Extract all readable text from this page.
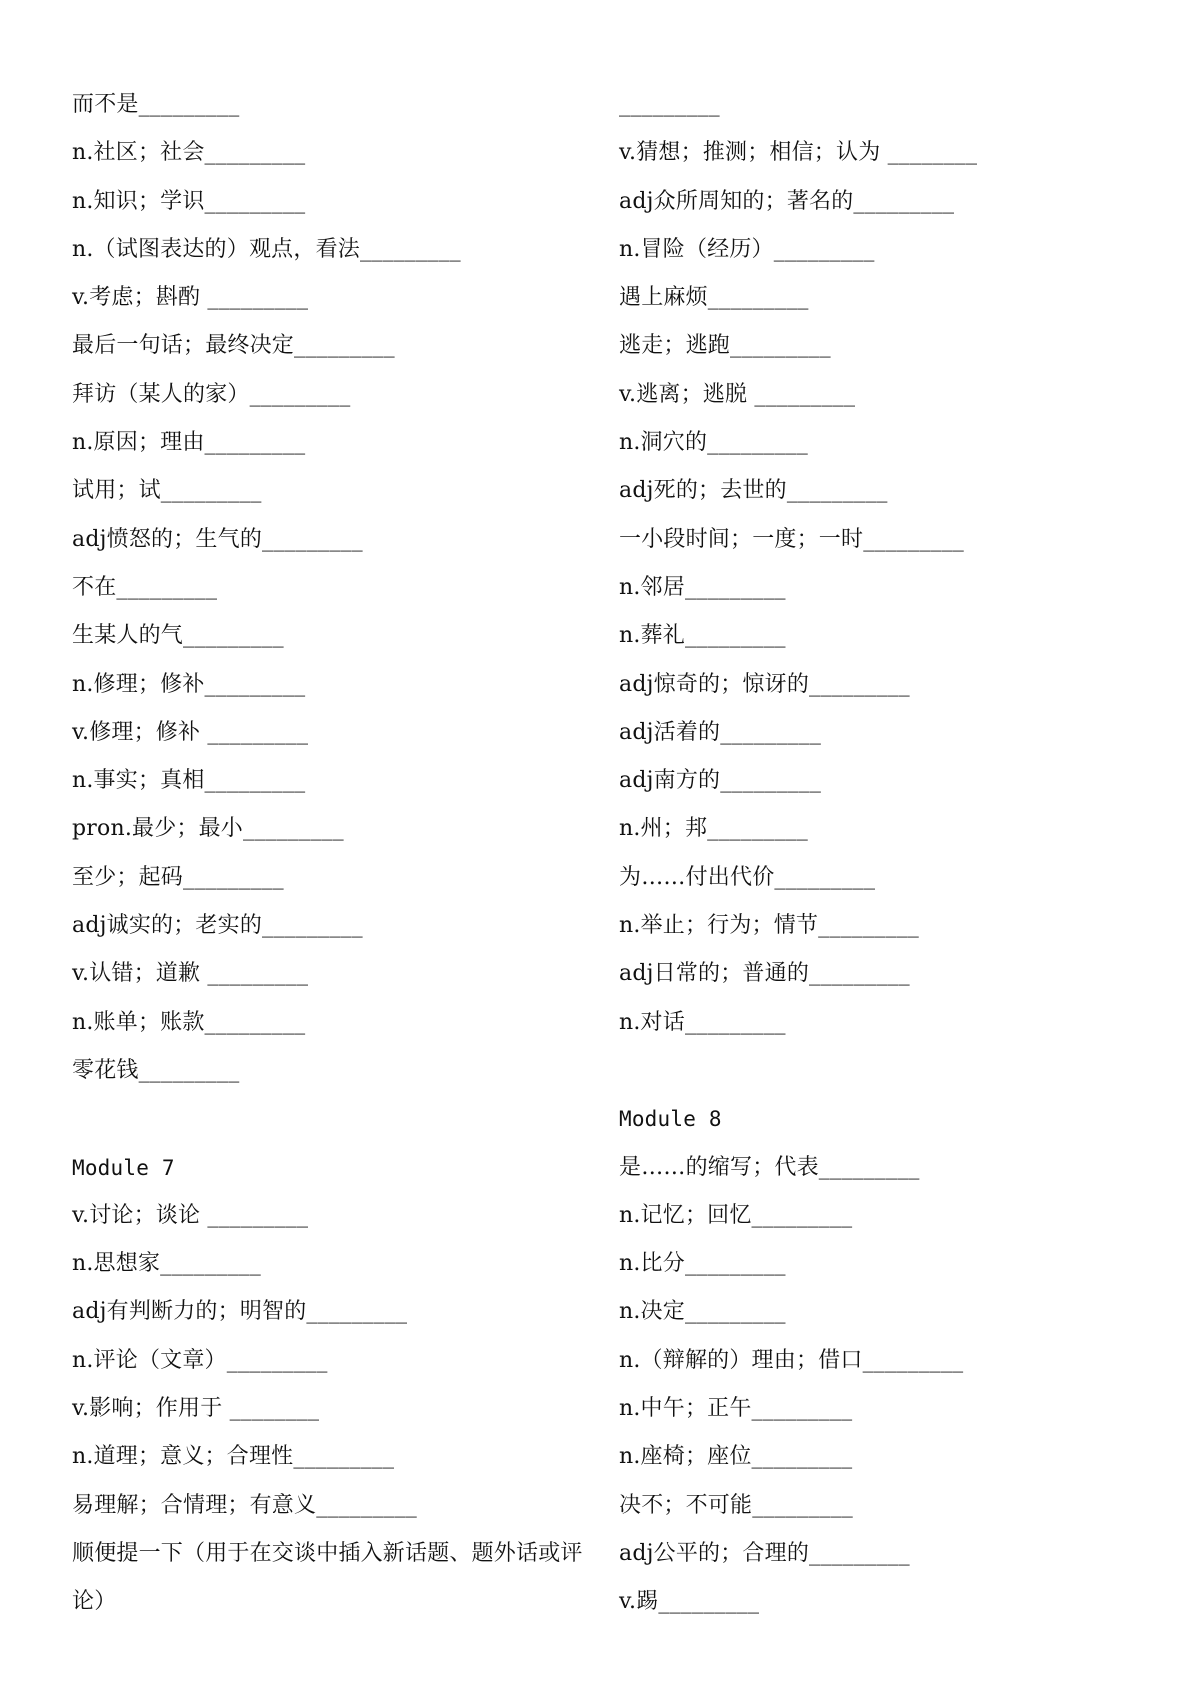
而不是_________
n.社区；社会_________
n.知识；学识_________
n.（试图表达的）观点，看法_________
v.考虑；斟酌 _________
最后一句话；最终决定_________
拜访（某人的家）_________
n.原因；理由_________
试用；试_________
adj愤怒的；生气的_________
不在_________
生某人的气_________
n.修理；修补_________
v.修理；修补 _________
n.事实；真相_________
pron.最少；最小_________
至少；起码_________
adj诚实的；老实的_________
v.认错；道歉 _________
n.账单；账款_________
零花钱_________
Module 7
v.讨论；谈论 _________
n.思想家_________
adj有判断力的；明智的_________
n.评论（文章）_________
v.影响；作用于 ________
n.道理；意义；合理性_________
易理解；合情理；有意义_________
顺便提一下（用于在交谈中插入新话题、题外话或评论）
_________
v.猜想；推测；相信；认为 ________
adj众所周知的；著名的_________
n.冒险（经历）_________
遇上麻烦_________
逃走；逃跑_________
v.逃离；逃脱 _________
n.洞穴的_________
adj死的；去世的_________
一小段时间；一度；一时_________
n.邻居_________
n.葬礼_________
adj惊奇的；惊讶的_________
adj活着的_________
adj南方的_________
n.州；邦_________
为……付出代价_________
n.举止；行为；情节_________
adj日常的；普通的_________
n.对话_________
Module 8
是……的缩写；代表_________
n.记忆；回忆_________
n.比分_________
n.决定_________
n.（辩解的）理由；借口_________
n.中午；正午_________
n.座椅；座位_________
决不；不可能_________
adj公平的；合理的_________
v.踢_________
